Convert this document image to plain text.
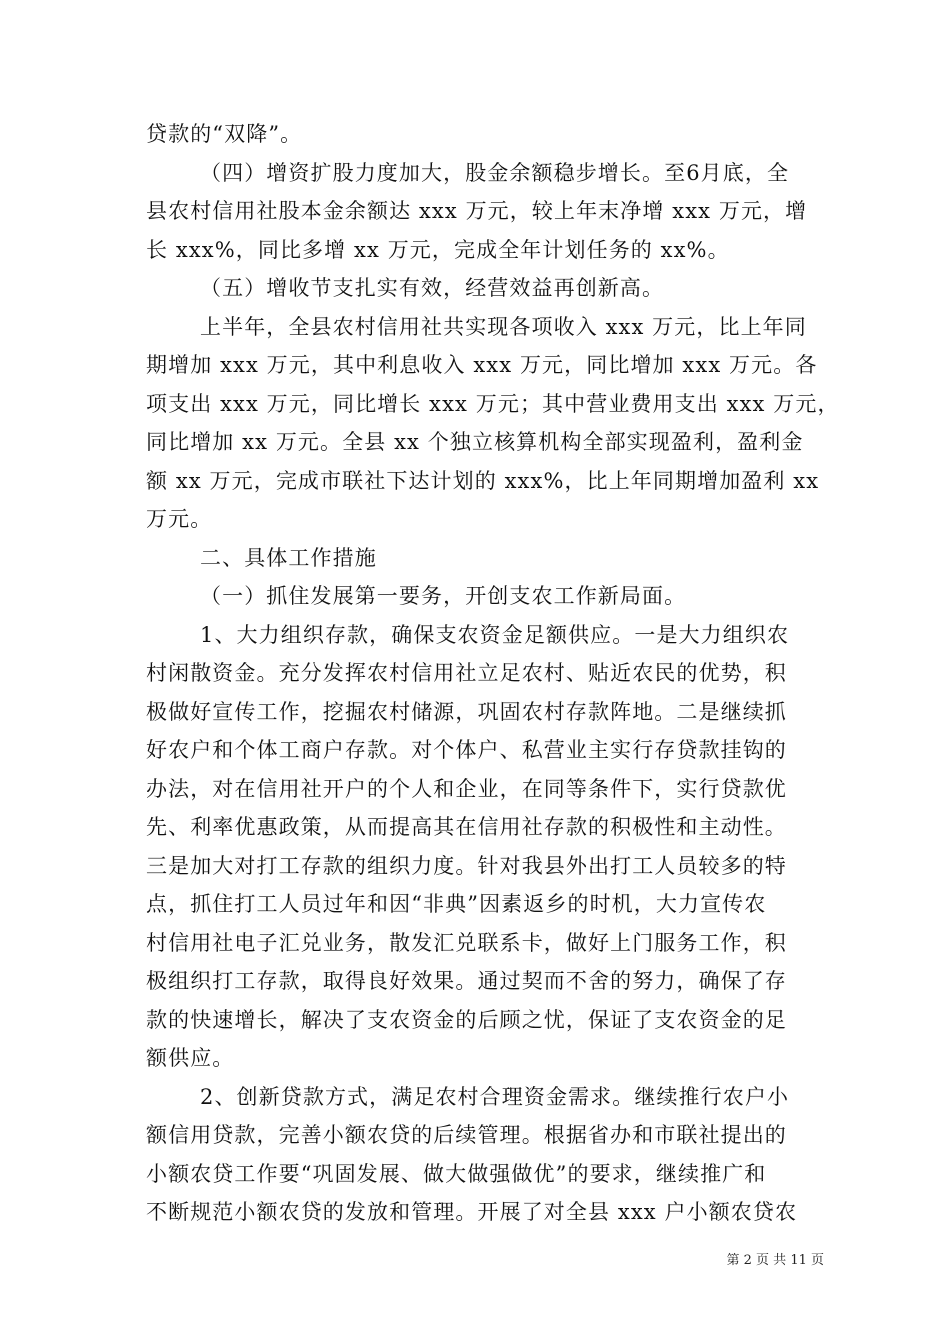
贷款的“双降”。

（四）增资扩股力度加大，股金余额稳步增长。至6月底，全

县农村信用社股本金余额达 xxx 万元，较上年末净增 xxx 万元，增

长 xxx%，同比多增 xx 万元，完成全年计划任务的 xx%。

（五）增收节支扎实有效，经营效益再创新高。

上半年，全县农村信用社共实现各项收入 xxx 万元，比上年同

期增加 xxx 万元，其中利息收入 xxx 万元，同比增加 xxx 万元。各

项支出 xxx 万元，同比增长 xxx 万元；其中营业费用支出 xxx 万元，

同比增加 xx 万元。全县 xx 个独立核算机构全部实现盈利，盈利金

额 xx 万元，完成市联社下达计划的 xxx%，比上年同期增加盈利 xx

万元。

二、具体工作措施

（一）抓住发展第一要务，开创支农工作新局面。

1、大力组织存款，确保支农资金足额供应。一是大力组织农

村闲散资金。充分发挥农村信用社立足农村、贴近农民的优势，积

极做好宣传工作，挖掘农村储源，巩固农村存款阵地。二是继续抓

好农户和个体工商户存款。对个体户、私营业主实行存贷款挂钩的

办法，对在信用社开户的个人和企业，在同等条件下，实行贷款优

先、利率优惠政策，从而提高其在信用社存款的积极性和主动性。

三是加大对打工存款的组织力度。针对我县外出打工人员较多的特

点，抓住打工人员过年和因“非典”因素返乡的时机，大力宣传农

村信用社电子汇兑业务，散发汇兑联系卡，做好上门服务工作，积

极组织打工存款，取得良好效果。通过契而不舍的努力，确保了存

款的快速增长，解决了支农资金的后顾之忧，保证了支农资金的足

额供应。

2、创新贷款方式，满足农村合理资金需求。继续推行农户小

额信用贷款，完善小额农贷的后续管理。根据省办和市联社提出的

小额农贷工作要“巩固发展、做大做强做优”的要求，继续推广和

不断规范小额农贷的发放和管理。开展了对全县 xxx 户小额农贷农

第 2 页 共 11 页
